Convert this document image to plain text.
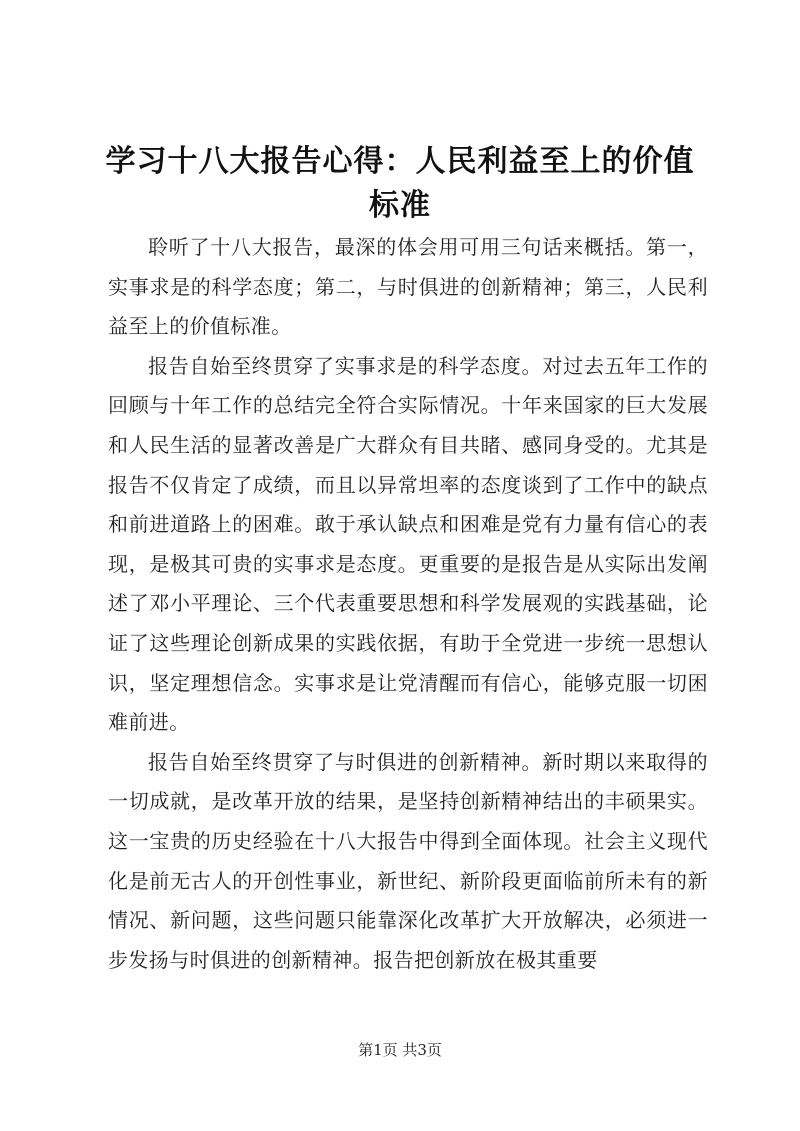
学习十八大报告心得：人民利益至上的价值标准

聆听了十八大报告，最深的体会用可用三句话来概括。第一，实事求是的科学态度；第二，与时俱进的创新精神；第三，人民利益至上的价值标准。

报告自始至终贯穿了实事求是的科学态度。对过去五年工作的回顾与十年工作的总结完全符合实际情况。十年来国家的巨大发展和人民生活的显著改善是广大群众有目共睹、感同身受的。尤其是报告不仅肯定了成绩，而且以异常坦率的态度谈到了工作中的缺点和前进道路上的困难。敢于承认缺点和困难是党有力量有信心的表现，是极其可贵的实事求是态度。更重要的是报告是从实际出发阐述了邓小平理论、三个代表重要思想和科学发展观的实践基础，论证了这些理论创新成果的实践依据，有助于全党进一步统一思想认识，坚定理想信念。实事求是让党清醒而有信心，能够克服一切困难前进。

报告自始至终贯穿了与时俱进的创新精神。新时期以来取得的一切成就，是改革开放的结果，是坚持创新精神结出的丰硕果实。这一宝贵的历史经验在十八大报告中得到全面体现。社会主义现代化是前无古人的开创性事业，新世纪、新阶段更面临前所未有的新情况、新问题，这些问题只能靠深化改革扩大开放解决，必须进一步发扬与时俱进的创新精神。报告把创新放在极其重要

第1页 共3页
